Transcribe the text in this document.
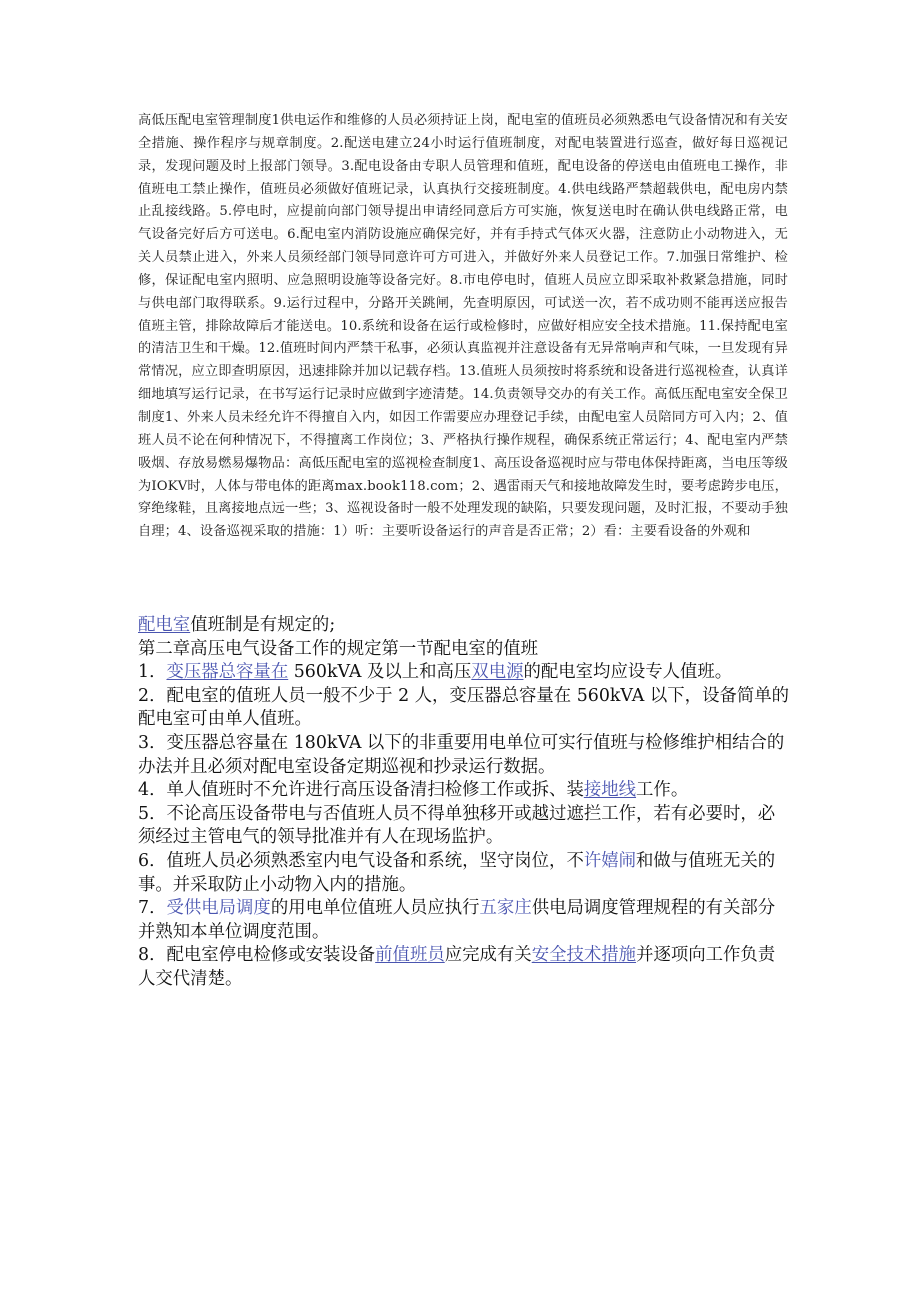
高低压配电室管理制度1供电运作和维修的人员必须持证上岗，配电室的值班员必须熟悉电气设备情况和有关安全措施、操作程序与规章制度。2.配送电建立24小时运行值班制度，对配电装置进行巡查，做好每日巡视记录，发现问题及时上报部门领导。3.配电设备由专职人员管理和值班，配电设备的停送电由值班电工操作，非值班电工禁止操作，值班员必须做好值班记录，认真执行交接班制度。4.供电线路严禁超载供电，配电房内禁止乱接线路。5.停电时，应提前向部门领导提出申请经同意后方可实施，恢复送电时在确认供电线路正常，电气设备完好后方可送电。6.配电室内消防设施应确保完好，并有手持式气体灭火器，注意防止小动物进入，无关人员禁止进入，外来人员须经部门领导同意许可方可进入，并做好外来人员登记工作。7.加强日常维护、检修，保证配电室内照明、应急照明设施等设备完好。8.市电停电时，值班人员应立即采取补救紧急措施，同时与供电部门取得联系。9.运行过程中，分路开关跳闸，先查明原因，可试送一次，若不成功则不能再送应报告值班主管，排除故障后才能送电。10.系统和设备在运行或检修时，应做好相应安全技术措施。11.保持配电室的清洁卫生和干燥。12.值班时间内严禁干私事，必须认真监视并注意设备有无异常响声和气味，一旦发现有异常情况，应立即查明原因，迅速排除并加以记载存档。13.值班人员须按时将系统和设备进行巡视检查，认真详细地填写运行记录，在书写运行记录时应做到字迹清楚。14.负责领导交办的有关工作。高低压配电室安全保卫制度1、外来人员未经允许不得擅自入内，如因工作需要应办理登记手续，由配电室人员陪同方可入内；2、值班人员不论在何种情况下，不得擅离工作岗位；3、严格执行操作规程，确保系统正常运行；4、配电室内严禁吸烟、存放易燃易爆物品：高低压配电室的巡视检查制度1、高压设备巡视时应与带电体保持距离，当电压等级为IOKV时，人体与带电体的距离max.book118.com；2、遇雷雨天气和接地故障发生时，要考虑跨步电压，穿绝缘鞋，且离接地点远一些；3、巡视设备时一般不处理发现的缺陷，只要发现问题，及时汇报，不要动手独自理；4、设备巡视采取的措施：1）听：主要听设备运行的声音是否正常；2）看：主要看设备的外观和

配电室值班制是有规定的;

第二章高压电气设备工作的规定第一节配电室的值班

1．变压器总容量在 560kVA 及以上和高压双电源的配电室均应设专人值班。

2．配电室的值班人员一般不少于 2 人，变压器总容量在 560kVA 以下，设备简单的配电室可由单人值班。

3．变压器总容量在 180kVA 以下的非重要用电单位可实行值班与检修维护相结合的办法并且必须对配电室设备定期巡视和抄录运行数据。

4．单人值班时不允许进行高压设备清扫检修工作或拆、装接地线工作。

5．不论高压设备带电与否值班人员不得单独移开或越过遮拦工作，若有必要时，必须经过主管电气的领导批准并有人在现场监护。

6．值班人员必须熟悉室内电气设备和系统，坚守岗位，不许嬉闹和做与值班无关的事。并采取防止小动物入内的措施。

7．受供电局调度的用电单位值班人员应执行五家庄供电局调度管理规程的有关部分并熟知本单位调度范围。

8．配电室停电检修或安装设备前值班员应完成有关安全技术措施并逐项向工作负责人交代清楚。
